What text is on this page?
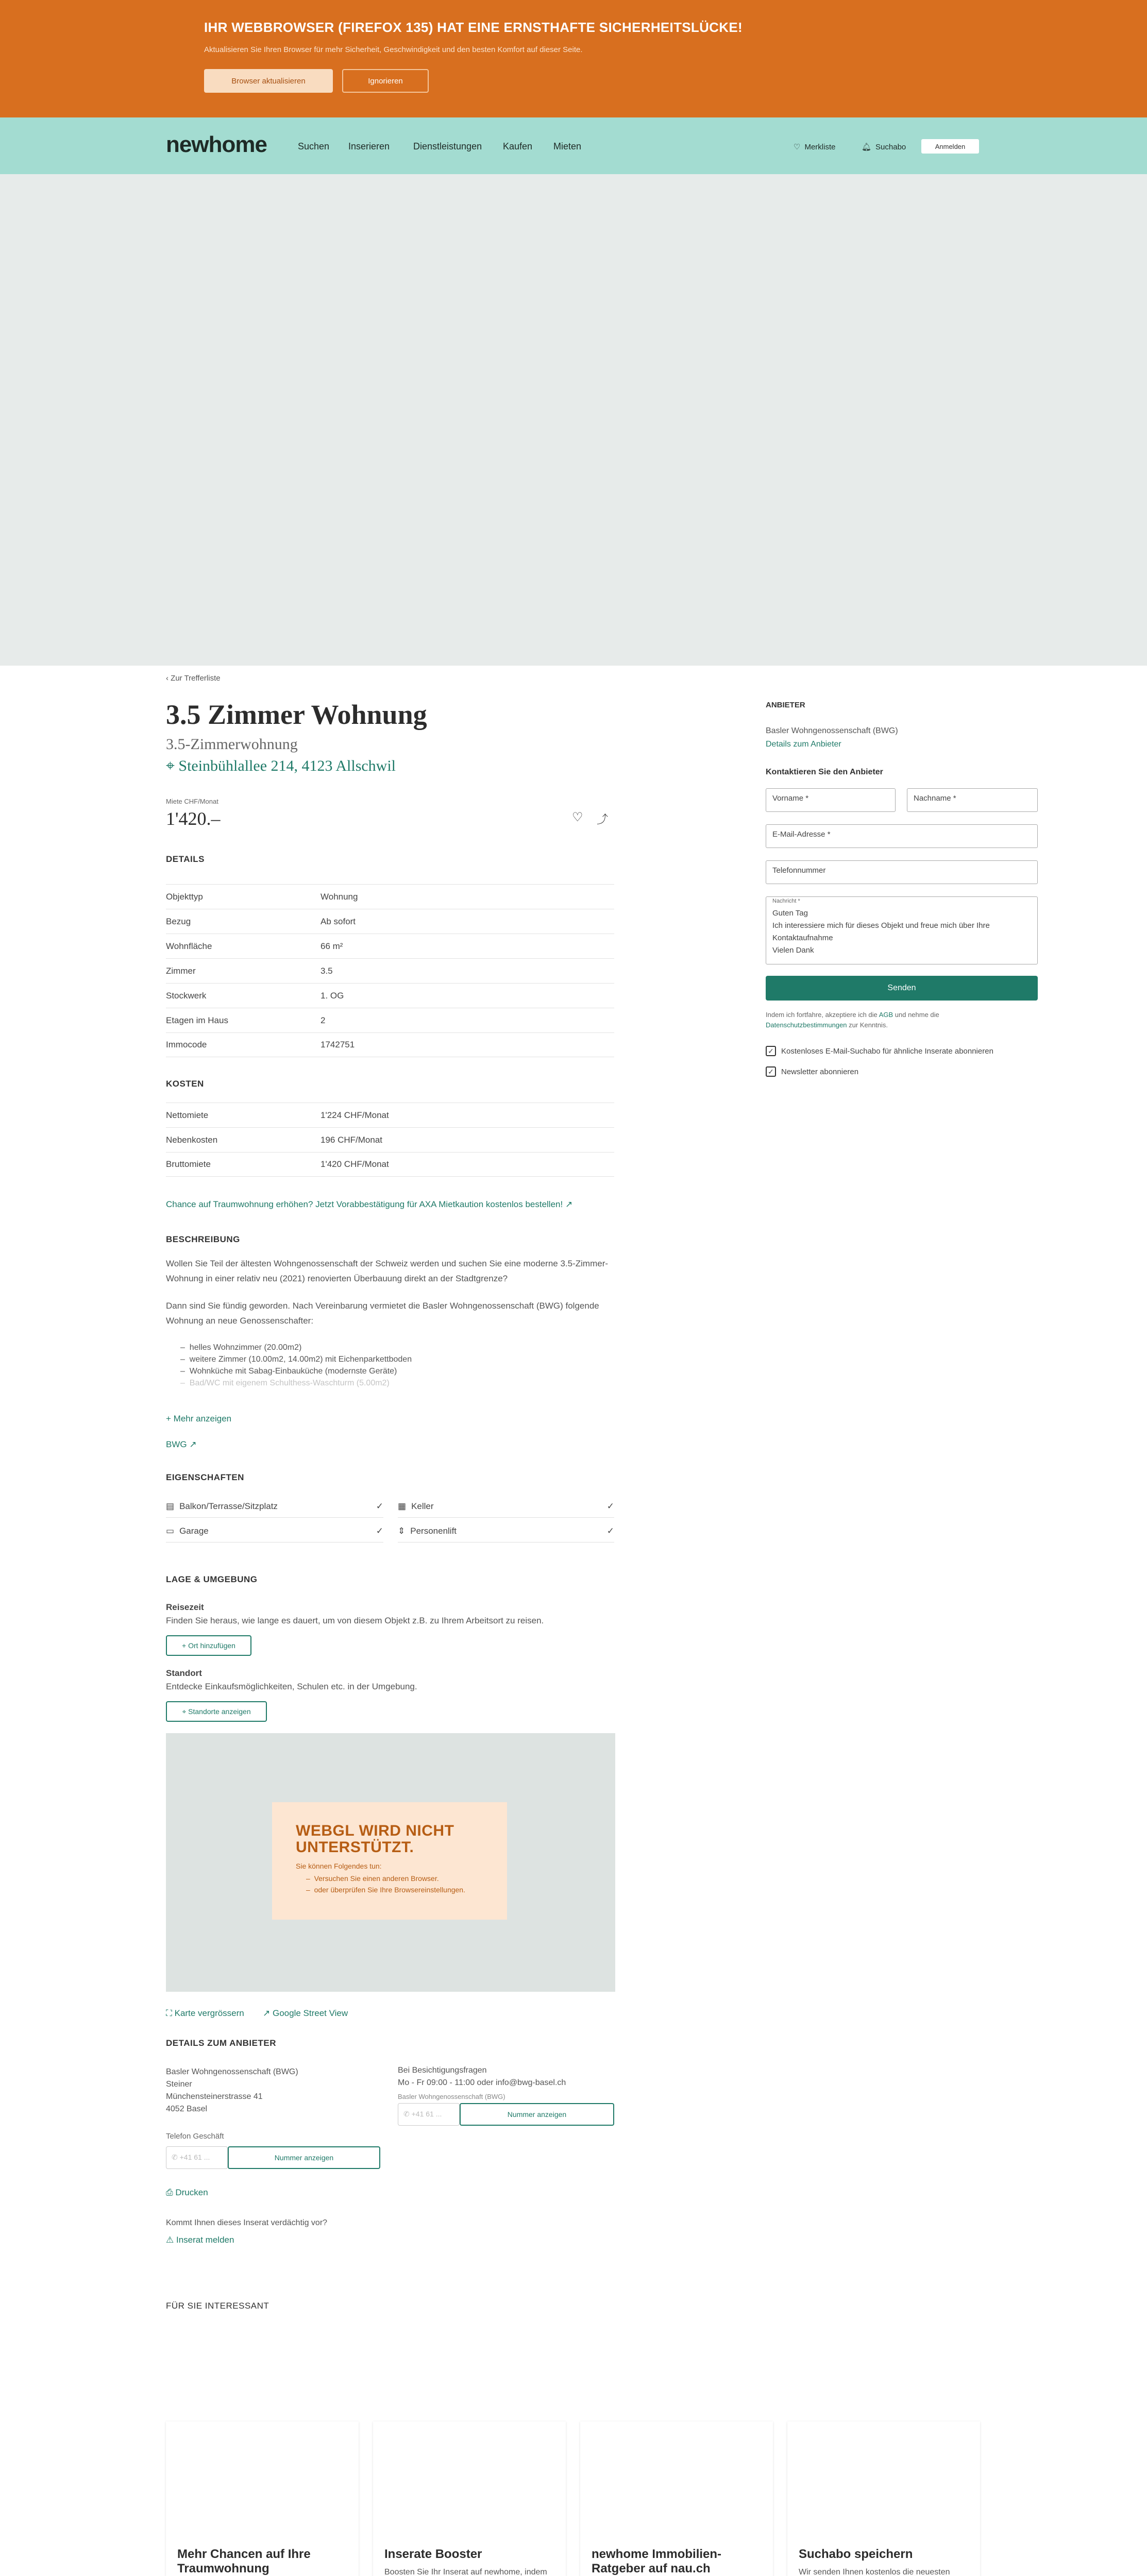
IHR WEBBROWSER (FIREFOX 135) HAT EINE ERNSTHAFTE SICHERHEITSLÜCKE!

Aktualisieren Sie Ihren Browser für mehr Sicherheit, Geschwindigkeit und den besten Komfort auf dieser Seite.

Browser aktualisieren	Ignorieren
newhome	Suchen Inserieren	Dienstleistungen Kaufen Mieten	♡ Merkliste	🔔︎ Suchabo	Anmelden
‹ Zur Trefferliste
3.5 Zimmer Wohnung
3.5-Zimmerwohnung
⌖ Steinbühlallee 214, 4123 Allschwil
Miete CHF/Monat
1'420.–	♡ ⤴
DETAILS
Objekttyp	Wohnung
Bezug	Ab sofort
Wohnfläche	66 m²
Zimmer	3.5
Stockwerk	1. OG
Etagen im Haus	2
Immocode	1742751
KOSTEN
Nettomiete	1'224 CHF/Monat
Nebenkosten	196 CHF/Monat
Bruttomiete	1'420 CHF/Monat
Chance auf Traumwohnung erhöhen? Jetzt Vorabbestätigung für AXA Mietkaution kostenlos bestellen! ↗
BESCHREIBUNG
Wollen Sie Teil der ältesten Wohngenossenschaft der Schweiz werden und suchen Sie eine moderne 3.5-Zimmer-Wohnung in einer relativ neu (2021) renovierten Überbauung direkt an der Stadtgrenze?
Dann sind Sie fündig geworden. Nach Vereinbarung vermietet die Basler Wohngenossenschaft (BWG) folgende Wohnung an neue Genossenschafter:
–  helles Wohnzimmer (20.00m2)
–  weitere Zimmer (10.00m2, 14.00m2) mit Eichenparkettboden
–  Wohnküche mit Sabag-Einbauküche (modernste Geräte)
–  Bad/WC mit eigenem Schulthess-Waschturm (5.00m2)
+ Mehr anzeigen
BWG ↗
EIGENSCHAFTEN
▤ Balkon/Terrasse/Sitzplatz	✓ ▦ Keller	✓
▭ Garage	✓ ⇕ Personenlift	✓
LAGE & UMGEBUNG
Reisezeit
Finden Sie heraus, wie lange es dauert, um von diesem Objekt z.B. zu Ihrem Arbeitsort zu reisen.
+ Ort hinzufügen
Standort
Entdecke Einkaufsmöglichkeiten, Schulen etc. in der Umgebung.
⌖
Standorte anzeigen
WEBGL WIRD NICHT UNTERSTÜTZT.
Sie können Folgendes tun:
–  Versuchen Sie einen anderen Browser.
–  oder überprüfen Sie Ihre Browsereinstellungen.
⛶ Karte vergrössern ↗ Google Street View
DETAILS ZUM ANBIETER
Basler Wohngenossenschaft (BWG)
Steiner
Münchensteinerstrasse 41
4052 Basel
Telefon Geschäft
✆ +41 61 ...	Nummer anzeigen
Bei Besichtigungsfragen
Mo - Fr 09:00 - 11:00 oder info@bwg-basel.ch
Basler Wohngenossenschaft (BWG)
✆ +41 61 ...	Nummer anzeigen
⎙ Drucken
Kommt Ihnen dieses Inserat verdächtig vor?
⚠ Inserat melden
ANBIETER
Basler Wohngenossenschaft (BWG)
Details zum Anbieter
Kontaktieren Sie den Anbieter
Vorname *	Nachname *
E-Mail-Adresse *
Telefonnummer
Nachricht *
Guten Tag
Ich interessiere mich für dieses Objekt und freue mich über Ihre Kontaktaufnahme
Vielen Dank
Senden
Indem ich fortfahre, akzeptiere ich die AGB und nehme die Datenschutzbestimmungen zur Kenntnis.
✓ Kostenloses E-Mail-Suchabo für ähnliche Inserate abonnieren
✓ Newsletter abonnieren
FÜR SIE INTERESSANT
Mehr Chancen auf Ihre Traumwohnung

Inserate Booster

Boosten Sie Ihr Inserat auf newhome, indem

newhome Immobilien-Ratgeber auf nau.ch

Suchabo speichern

Wir senden Ihnen kostenlos die neuesten
